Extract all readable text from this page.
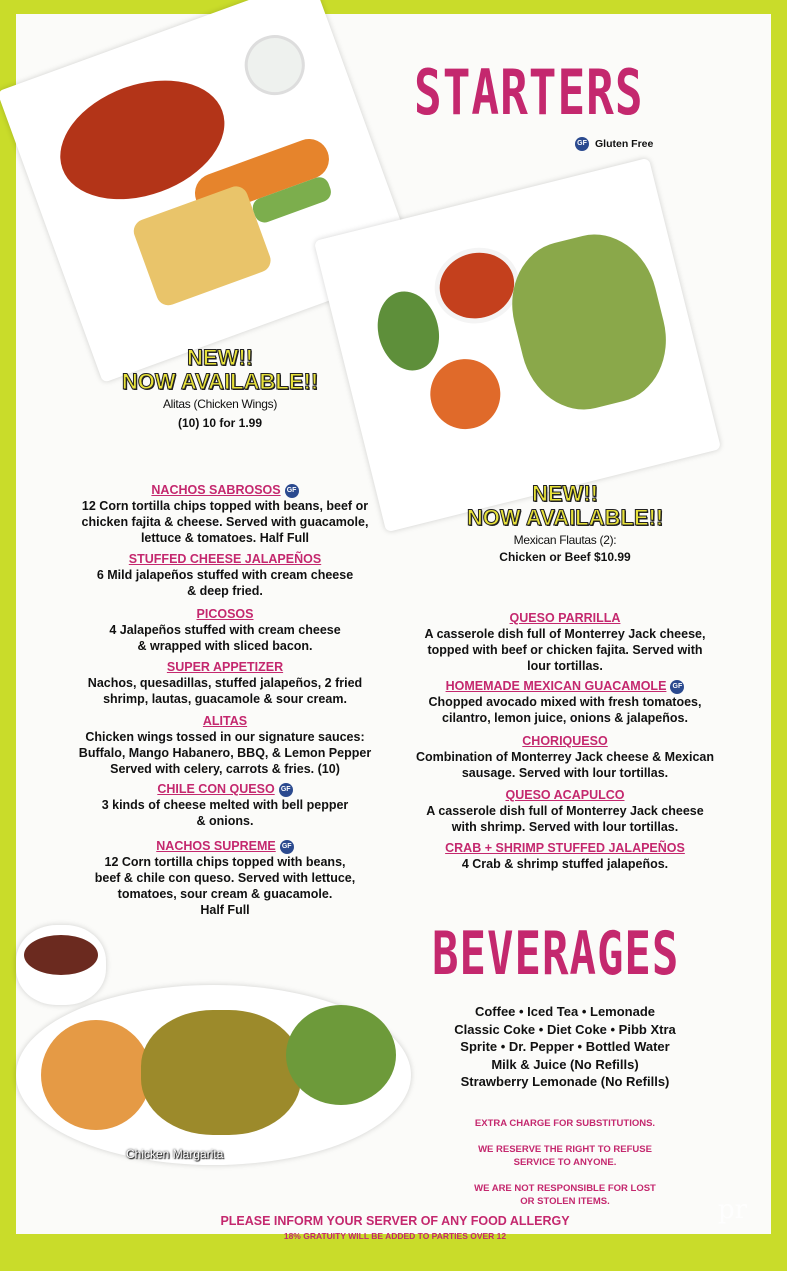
Chicken Margarita
STARTERS
GF Gluten Free
NEW!!
NOW AVAILABLE!!
Alitas (Chicken Wings)
(10) 10 for 1.99
NEW!!
NOW AVAILABLE!!
Mexican Flautas (2):
Chicken or Beef $10.99
NACHOS SABROSOS GF
12 Corn tortilla chips topped with beans, beef or
chicken fajita & cheese. Served with guacamole,
lettuce & tomatoes. Half Full
STUFFED CHEESE JALAPEÑOS
6 Mild jalapeños stuffed with cream cheese
& deep fried.
PICOSOS
4 Jalapeños stuffed with cream cheese
& wrapped with sliced bacon.
SUPER APPETIZER
Nachos, quesadillas, stuffed jalapeños, 2 fried
shrimp, lautas, guacamole & sour cream.
ALITAS
Chicken wings tossed in our signature sauces:
Buffalo, Mango Habanero, BBQ, & Lemon Pepper
Served with celery, carrots & fries. (10)
CHILE CON QUESO GF
3 kinds of cheese melted with bell pepper
& onions.
NACHOS SUPREME GF
12 Corn tortilla chips topped with beans,
beef & chile con queso. Served with lettuce,
tomatoes, sour cream & guacamole.
Half Full
QUESO PARRILLA
A casserole dish full of Monterrey Jack cheese,
topped with beef or chicken fajita. Served with
lour tortillas.
HOMEMADE MEXICAN GUACAMOLE GF
Chopped avocado mixed with fresh tomatoes,
cilantro, lemon juice, onions & jalapeños.
CHORIQUESO
Combination of Monterrey Jack cheese & Mexican
sausage. Served with lour tortillas.
QUESO ACAPULCO
A casserole dish full of Monterrey Jack cheese
with shrimp. Served with lour tortillas.
CRAB + SHRIMP STUFFED JALAPEÑOS
4 Crab & shrimp stuffed jalapeños.
BEVERAGES
Coffee • Iced Tea • Lemonade
Classic Coke • Diet Coke • Pibb Xtra
Sprite • Dr. Pepper • Bottled Water
Milk & Juice (No Refills)
Strawberry Lemonade (No Refills)
EXTRA CHARGE FOR SUBSTITUTIONS.
WE RESERVE THE RIGHT TO REFUSE
SERVICE TO ANYONE.
WE ARE NOT RESPONSIBLE FOR LOST
OR STOLEN ITEMS.
PLEASE INFORM YOUR SERVER OF ANY FOOD ALLERGY
18% GRATUITY WILL BE ADDED TO PARTIES OVER 12
pr
